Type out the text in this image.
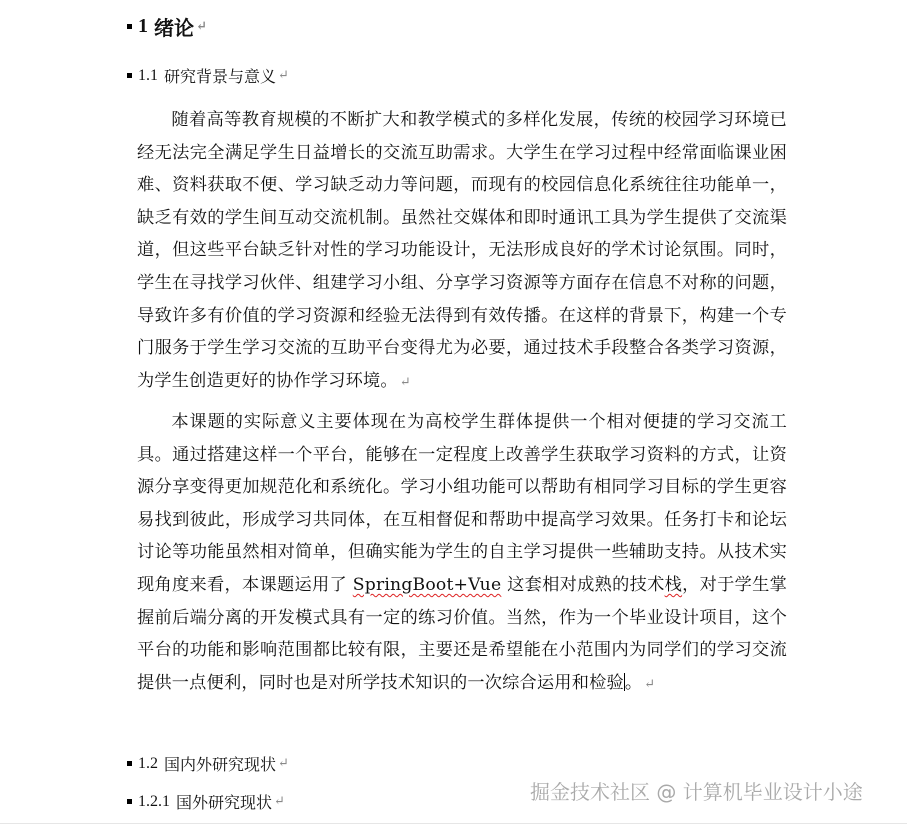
1 绪论 ↵
1.1 研究背景与意义 ↵

随着高等教育规模的不断扩大和教学模式的多样化发展，传统的校园学习环境已经无法完全满足学生日益增长的交流互助需求。大学生在学习过程中经常面临课业困难、资料获取不便、学习缺乏动力等问题，而现有的校园信息化系统往往功能单一，缺乏有效的学生间互动交流机制。虽然社交媒体和即时通讯工具为学生提供了交流渠道，但这些平台缺乏针对性的学习功能设计，无法形成良好的学术讨论氛围。同时，学生在寻找学习伙伴、组建学习小组、分享学习资源等方面存在信息不对称的问题，导致许多有价值的学习资源和经验无法得到有效传播。在这样的背景下，构建一个专门服务于学生学习交流的互助平台变得尤为必要，通过技术手段整合各类学习资源，为学生创造更好的协作学习环境。 ↵

本课题的实际意义主要体现在为高校学生群体提供一个相对便捷的学习交流工具。通过搭建这样一个平台，能够在一定程度上改善学生获取学习资料的方式，让资源分享变得更加规范化和系统化。学习小组功能可以帮助有相同学习目标的学生更容易找到彼此，形成学习共同体，在互相督促和帮助中提高学习效果。任务打卡和论坛讨论等功能虽然相对简单，但确实能为学生的自主学习提供一些辅助支持。从技术实现角度来看，本课题运用了 SpringBoot+Vue 这套相对成熟的技术栈，对于学生掌握前后端分离的开发模式具有一定的练习价值。当然，作为一个毕业设计项目，这个平台的功能和影响范围都比较有限，主要还是希望能在小范围内为同学们的学习交流提供一点便利，同时也是对所学技术知识的一次综合运用和检验。 ↵

1.2 国内外研究现状 ↵
1.2.1 国外研究现状 ↵	掘金技术社区 @ 计算机毕业设计小途
